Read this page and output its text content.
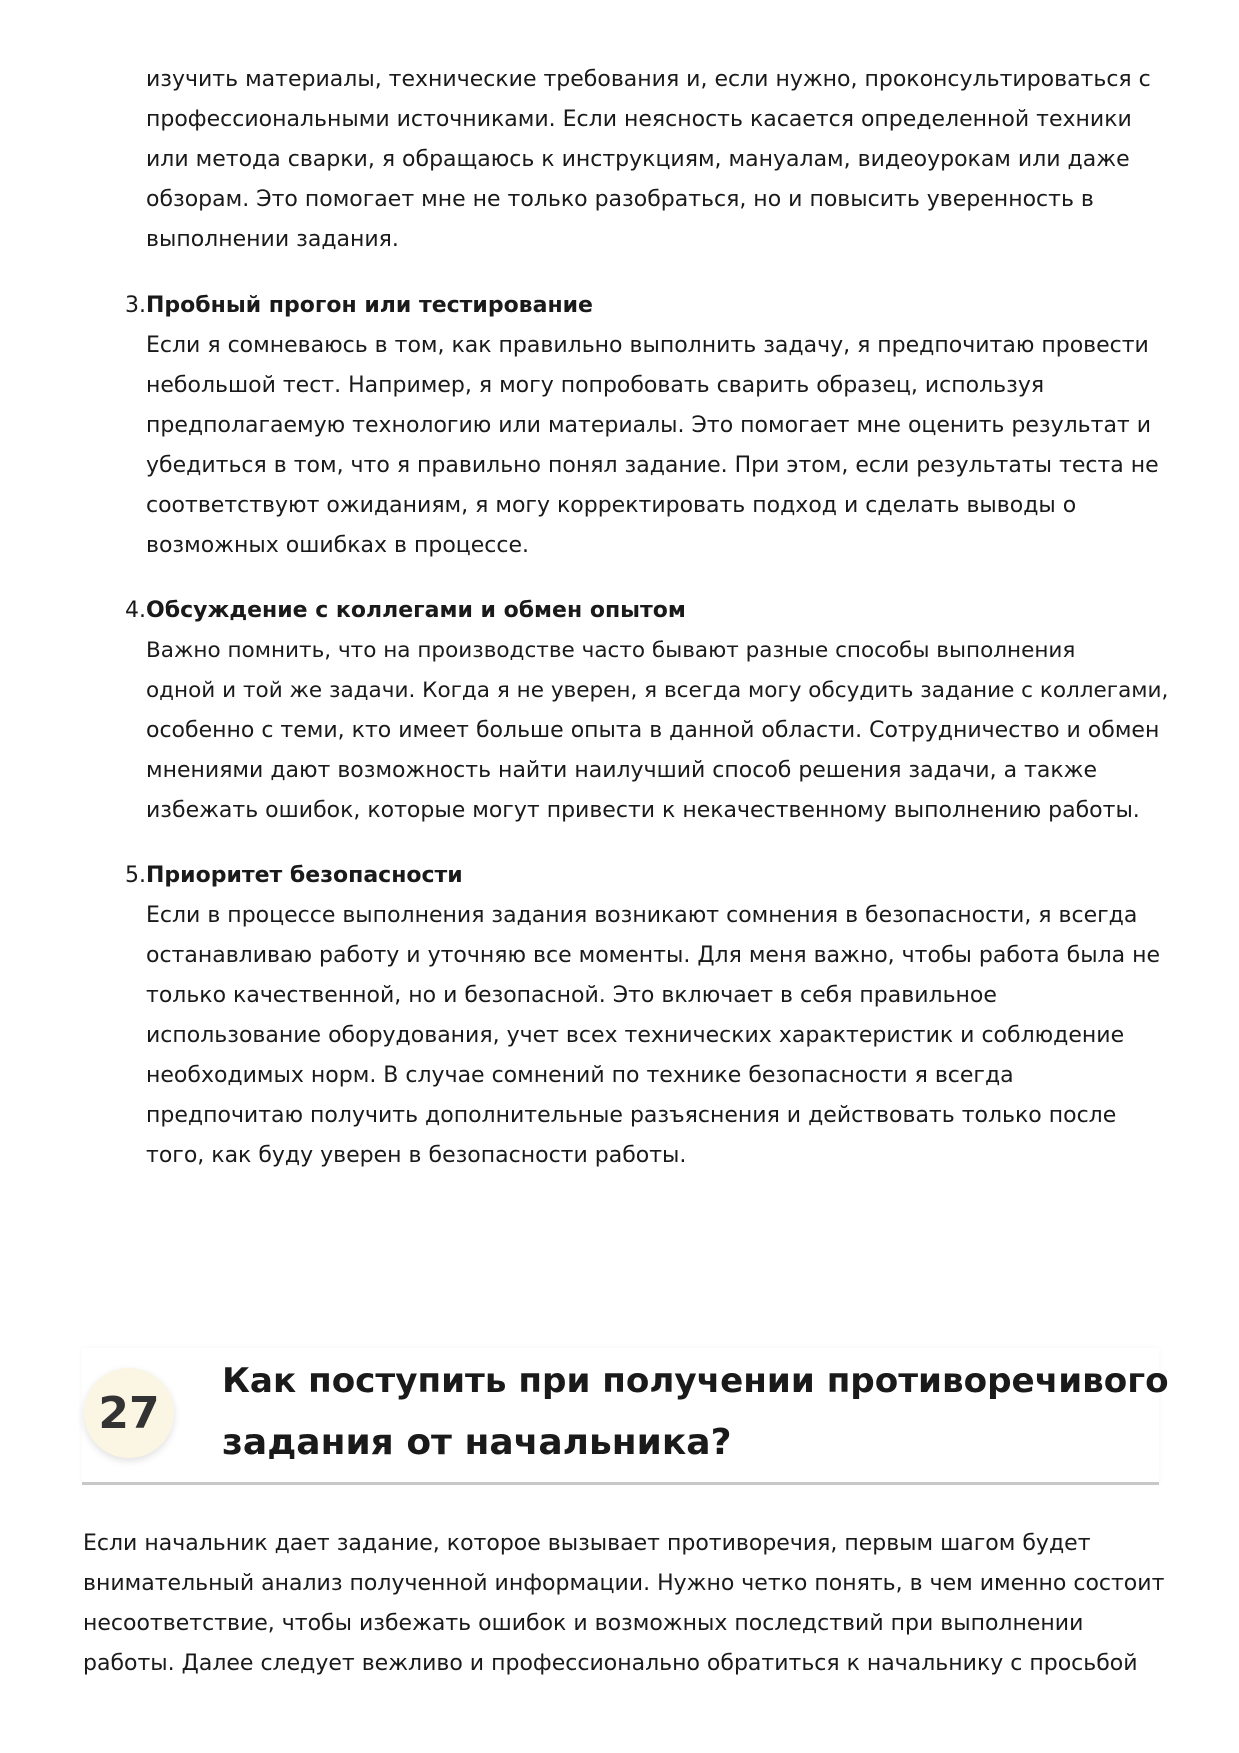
изучить материалы, технические требования и, если нужно, проконсультироваться с
профессиональными источниками. Если неясность касается определенной техники
или метода сварки, я обращаюсь к инструкциям, мануалам, видеоурокам или даже
обзорам. Это помогает мне не только разобраться, но и повысить уверенность в
выполнении задания.
3. Пробный прогон или тестирование
Если я сомневаюсь в том, как правильно выполнить задачу, я предпочитаю провести
небольшой тест. Например, я могу попробовать сварить образец, используя
предполагаемую технологию или материалы. Это помогает мне оценить результат и
убедиться в том, что я правильно понял задание. При этом, если результаты теста не
соответствуют ожиданиям, я могу корректировать подход и сделать выводы о
возможных ошибках в процессе.
4. Обсуждение с коллегами и обмен опытом
Важно помнить, что на производстве часто бывают разные способы выполнения
одной и той же задачи. Когда я не уверен, я всегда могу обсудить задание с коллегами,
особенно с теми, кто имеет больше опыта в данной области. Сотрудничество и обмен
мнениями дают возможность найти наилучший способ решения задачи, а также
избежать ошибок, которые могут привести к некачественному выполнению работы.
5. Приоритет безопасности
Если в процессе выполнения задания возникают сомнения в безопасности, я всегда
останавливаю работу и уточняю все моменты. Для меня важно, чтобы работа была не
только качественной, но и безопасной. Это включает в себя правильное
использование оборудования, учет всех технических характеристик и соблюдение
необходимых норм. В случае сомнений по технике безопасности я всегда
предпочитаю получить дополнительные разъяснения и действовать только после
того, как буду уверен в безопасности работы.
27
Как поступить при получении противоречивого
задания от начальника?
Если начальник дает задание, которое вызывает противоречия, первым шагом будет
внимательный анализ полученной информации. Нужно четко понять, в чем именно состоит
несоответствие, чтобы избежать ошибок и возможных последствий при выполнении
работы. Далее следует вежливо и профессионально обратиться к начальнику с просьбой
